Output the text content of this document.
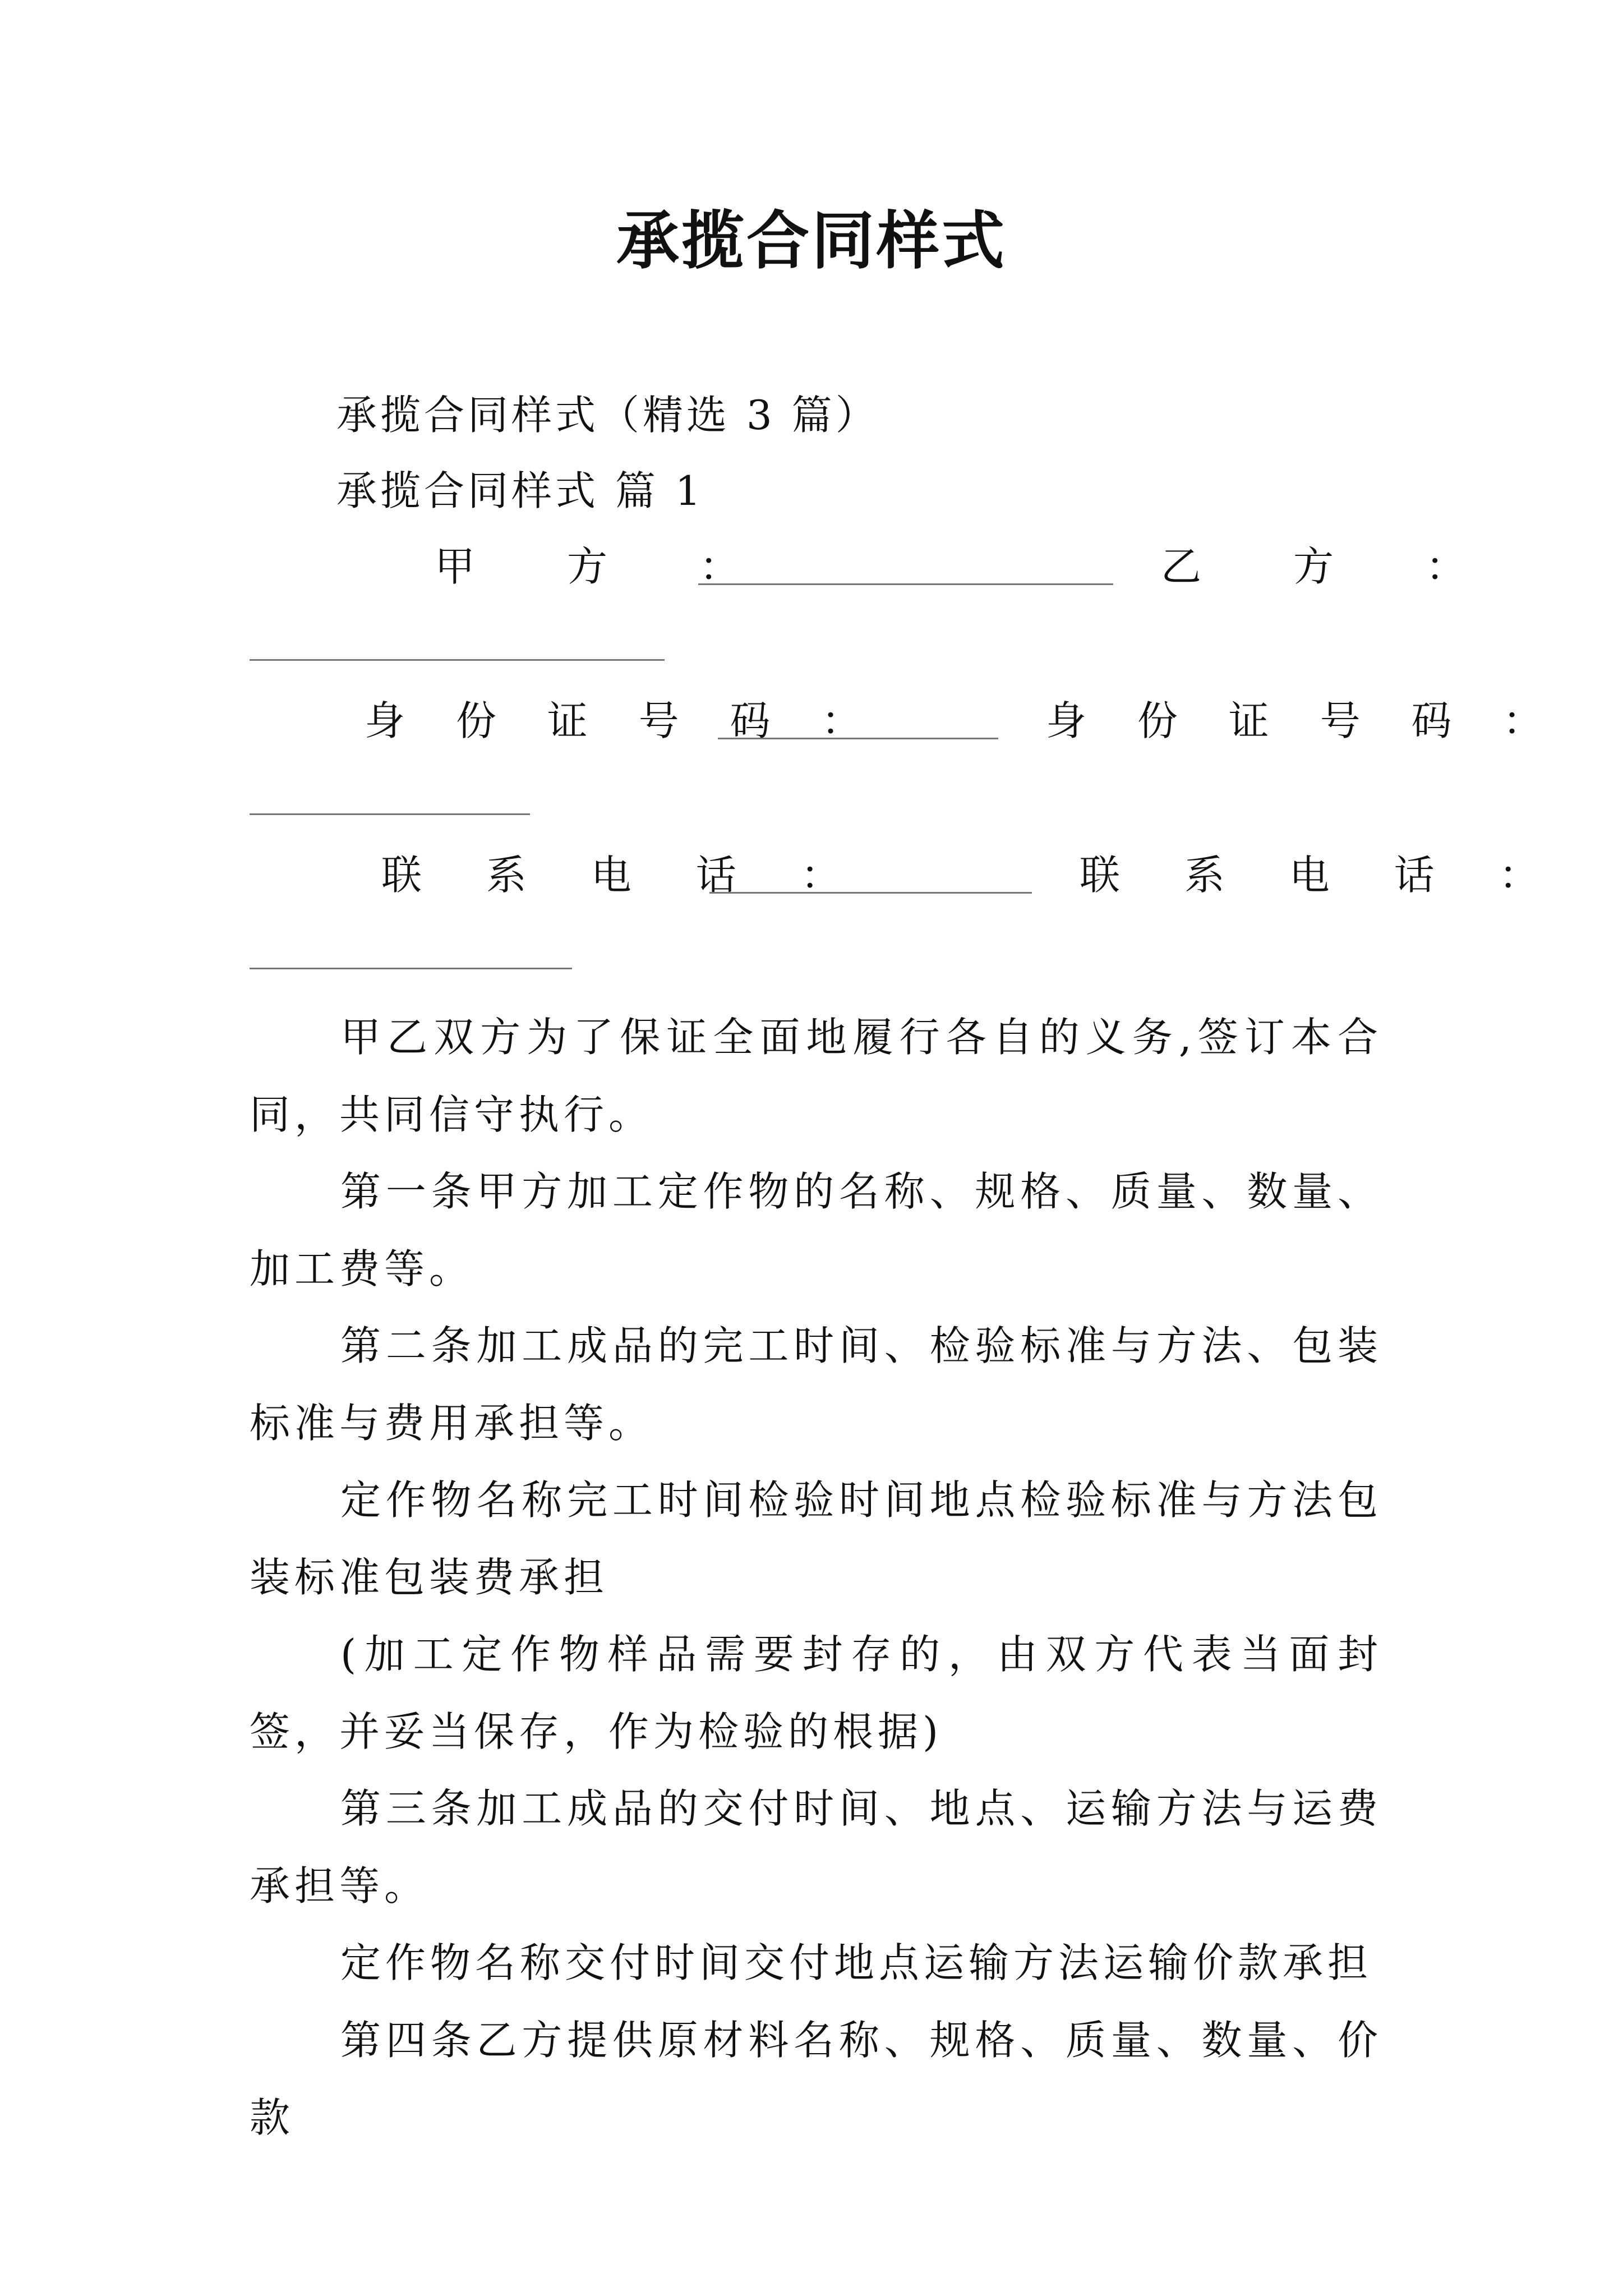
承揽合同样式
承揽合同样式（精选 3 篇）
承揽合同样式 篇 1
甲　方　：	乙　方　：
身 份 证 号 码 ：	身 份 证 号 码 ：
联 系 电 话 ：	联 系 电 话 ：

甲乙双方为了保证全面地履行各自的义务,签订本合同，共同信守执行。

第一条甲方加工定作物的名称、规格、质量、数量、加工费等。

第二条加工成品的完工时间、检验标准与方法、包装标准与费用承担等。

定作物名称完工时间检验时间地点检验标准与方法包装标准包装费承担

(加工定作物样品需要封存的，由双方代表当面封签，并妥当保存，作为检验的根据)

第三条加工成品的交付时间、地点、运输方法与运费承担等。

定作物名称交付时间交付地点运输方法运输价款承担

第四条乙方提供原材料名称、规格、质量、数量、价款
